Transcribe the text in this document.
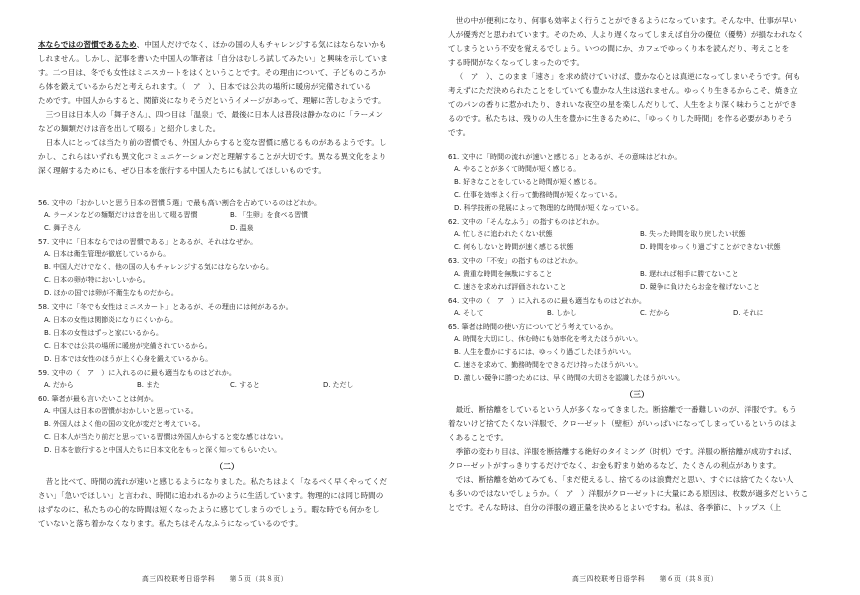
本ならではの習慣であるため、中国人だけでなく、ほかの国の人もチャレンジする気にはならないかも

しれません。しかし、記事を書いた中国人の筆者は「自分はむしろ試してみたい」と興味を示していま

す。二つ目は、冬でも女性はミニスカートをはくということです。その理由について、子どものころか

ら体を鍛えているからだと考えられます。（　ア　）、日本では公共の場所に暖房が完備されている

ためです。中国人からすると、関節炎になりそうだというイメージがあって、理解に苦しむようです。

三つ目は日本人の「舞子さん」、四つ目は「温泉」で、最後に日本人は普段は静かなのに「ラーメン

などの麺類だけは音を出して啜る」と紹介しました。

日本人にとっては当たり前の習慣でも、外国人からすると変な習慣に感じるものがあるようです。し

かし、これらはいずれも異文化コミュニケーションだと理解することが大切です。異なる異文化をより

深く理解するためにも、ぜひ日本を旅行する中国人たちにも試してほしいものです。

56. 文中の「おかしいと思う日本の習慣５選」で最も高い割合を占めているのはどれか。

A. ラーメンなどの麺類だけは音を出して啜る習慣	B. 「生卵」を食べる習慣
C. 舞子さん	D. 温泉

57. 文中に「日本ならではの習慣である」とあるが、それはなぜか。

A. 日本は衛生管理が徹底しているから。

B. 中国人だけでなく、他の国の人もチャレンジする気にはならないから。

C. 日本の卵が特においしいから。

D. ほかの国では卵が不衛生なものだから。

58. 文中に「冬でも女性はミニスカート」とあるが、その理由には何があるか。

A. 日本の女性は関節炎になりにくいから。

B. 日本の女性はずっと家にいるから。

C. 日本では公共の場所に暖房が完備されているから。

D. 日本では女性のほうが上く心身を鍛えているから。

59. 文中の（　ア　）に入れるのに最も適当なものはどれか。

A. だから	B. また	C. すると	D. ただし

60. 筆者が最も言いたいことは何か。

A. 中国人は日本の習慣がおかしいと思っている。

B. 外国人はよく他の国の文化が変だと考えている。

C. 日本人が当たり前だと思っている習慣は外国人からすると変な感じはない。

D. 日本を旅行すると中国人たちに日本文化をもっと深く知ってもらいたい。

（二）

昔と比べて、時間の流れが速いと感じるようになりました。私たちはよく「なるべく早くやってくだ

さい」「急いでほしい」と言われ、時間に追われるかのように生活しています。物理的には同じ時間の

はずなのに、私たちの心的な時間は短くなったように感じてしまうのでしょう。暇な時でも何かをし

ていないと落ち着かなくなります。私たちはそんなふうになっているのです。

高三四校联考日语学科　　第５页（共８页）

世の中が便利になり、何事も効率よく行うことができるようになっています。そんな中、仕事が早い

人が優秀だと思われています。そのため、人より遅くなってしまえば自分の優位（優勢）が損なわれなく

てしまうという不安を覚えるでしょう。いつの間にか、カフェでゆっくり本を読んだり、考えことを

する時間がなくなってしまったのです。

（　ア　）、このまま「速さ」を求め続けていけば、豊かな心とは真逆になってしまいそうです。何も

考えずにただ決められたことをしていても豊かな人生は送れません。ゆっくり生きるからこそ、焼き立

てのパンの香りに惹かれたり、きれいな夜空の星を楽しんだりして、人生をより深く味わうことができ

るのです。私たちは、残りの人生を豊かに生きるために、「ゆっくりした時間」を作る必要がありそう

です。

61. 文中に「時間の流れが速いと感じる」とあるが、その意味はどれか。

A. やることが多くて時間が短く感じる。

B. 好きなことをしていると時間が短く感じる。

C. 仕事を効率よく行って勤務時間が短くなっている。

D. 科学技術の発展によって物理的な時間が短くなっている。

62. 文中の「そんなふう」の指すものはどれか。

A. 忙しさに追われたくない状態	B. 失った時間を取り戻したい状態
C. 何もしないと時間が速く感じる状態	D. 時間をゆっくり過ごすことができない状態

63. 文中の「不安」の指すものはどれか。

A. 貴重な時間を無駄にすること	B. 遅れれば相手に勝てないこと
C. 速さを求めれば評価されないこと	D. 競争に負けたらお金を稼げないこと

64. 文中の（　ア　）に入れるのに最も適当なものはどれか。

A. そして	B. しかし	C. だから	D. それに

65. 筆者は時間の使い方についてどう考えているか。

A. 時間を大切にし、休む時にも効率化を考えたほうがいい。

B. 人生を豊かにするには、ゆっくり過ごしたほうがいい。

C. 速さを求めて、勤務時間をできるだけ持ったほうがいい。

D. 激しい競争に勝つためには、早く時間の大切さを認識したほうがいい。

（三）

最近、断捨離をしているという人が多くなってきました。断捨離で一番難しいのが、洋服です。もう

着ないけど捨てたくない洋服で、クローゼット（壁柜）がいっぱいになってしまっているというのはよ

くあることです。

季節の変わり目は、洋服を断捨離する絶好のタイミング（时机）です。洋服の断捨離が成功すれば、

クローゼットがすっきりするだけでなく、お金も貯まり始めるなど、たくさんの利点があります。

では、断捨離を始めてみても、「まだ使えるし、捨てるのは浪費だと思い、すぐには捨てたくない人

も多いのではないでしょうか。（　ア　）洋服がクローゼットに大量にある原因は、枚数が過多だというこ

とです。そんな時は、自分の洋服の適正量を決めるとよいですね。私は、各季節に、トップス（上

高三四校联考日语学科　　第６页（共８页）
